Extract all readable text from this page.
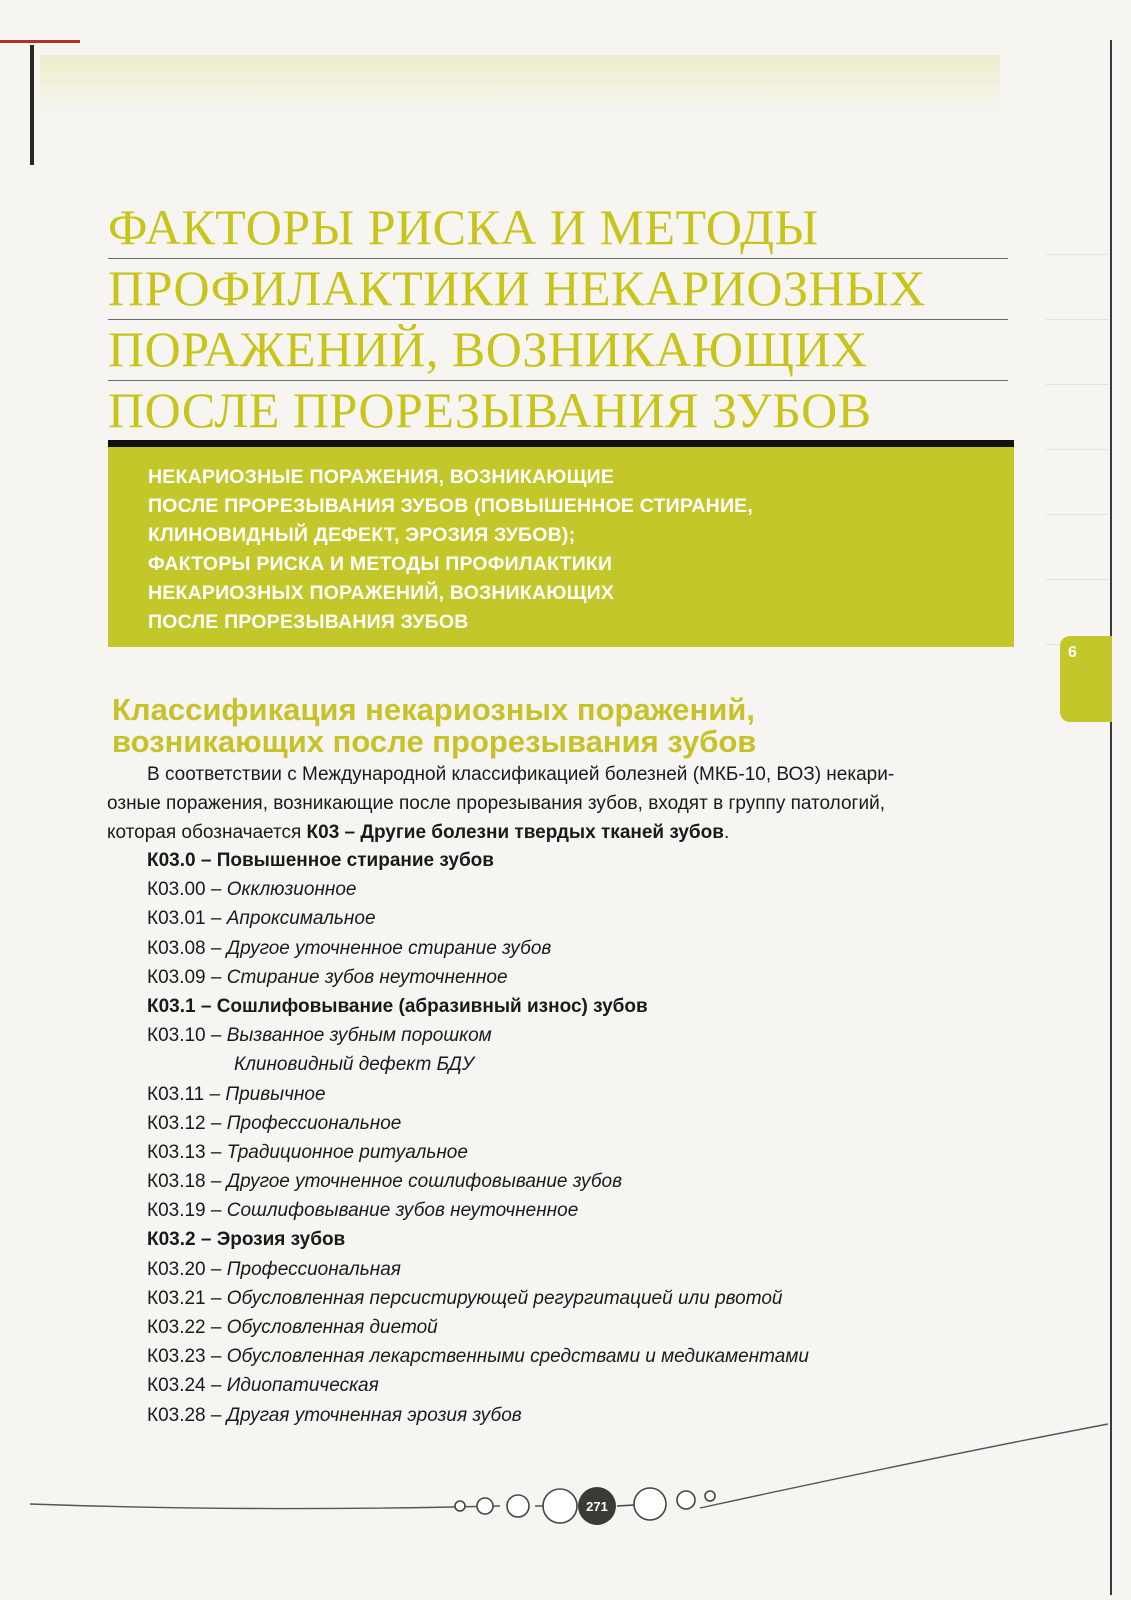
ФАКТОРЫ РИСКА И МЕТОДЫ
ПРОФИЛАКТИКИ НЕКАРИОЗНЫХ
ПОРАЖЕНИЙ, ВОЗНИКАЮЩИХ
ПОСЛЕ ПРОРЕЗЫВАНИЯ ЗУБОВ
НЕКАРИОЗНЫЕ ПОРАЖЕНИЯ, ВОЗНИКАЮЩИЕ
ПОСЛЕ ПРОРЕЗЫВАНИЯ ЗУБОВ (ПОВЫШЕННОЕ СТИРАНИЕ,
КЛИНОВИДНЫЙ ДЕФЕКТ, ЭРОЗИЯ ЗУБОВ);
ФАКТОРЫ РИСКА И МЕТОДЫ ПРОФИЛАКТИКИ
НЕКАРИОЗНЫХ ПОРАЖЕНИЙ, ВОЗНИКАЮЩИХ
ПОСЛЕ ПРОРЕЗЫВАНИЯ ЗУБОВ
6
Классификация некариозных поражений,
возникающих после прорезывания зубов
В соответствии с Международной классификацией болезней (МКБ-10, ВОЗ) некари-
озные поражения, возникающие после прорезывания зубов, входят в группу патологий,
которая обозначается К03 – Другие болезни твердых тканей зубов.
К03.0 – Повышенное стирание зубов
К03.00 – Окклюзионное
К03.01 – Апроксимальное
К03.08 – Другое уточненное стирание зубов
К03.09 – Стирание зубов неуточненное
К03.1 – Сошлифовывание (абразивный износ) зубов
К03.10 – Вызванное зубным порошком
Клиновидный дефект БДУ
К03.11 – Привычное
К03.12 – Профессиональное
К03.13 – Традиционное ритуальное
К03.18 – Другое уточненное сошлифовывание зубов
К03.19 – Сошлифовывание зубов неуточненное
К03.2 – Эрозия зубов
К03.20 – Профессиональная
К03.21 – Обусловленная персистирующей регургитацией или рвотой
К03.22 – Обусловленная диетой
К03.23 – Обусловленная лекарственными средствами и медикаментами
К03.24 – Идиопатическая
К03.28 – Другая уточненная эрозия зубов
271
